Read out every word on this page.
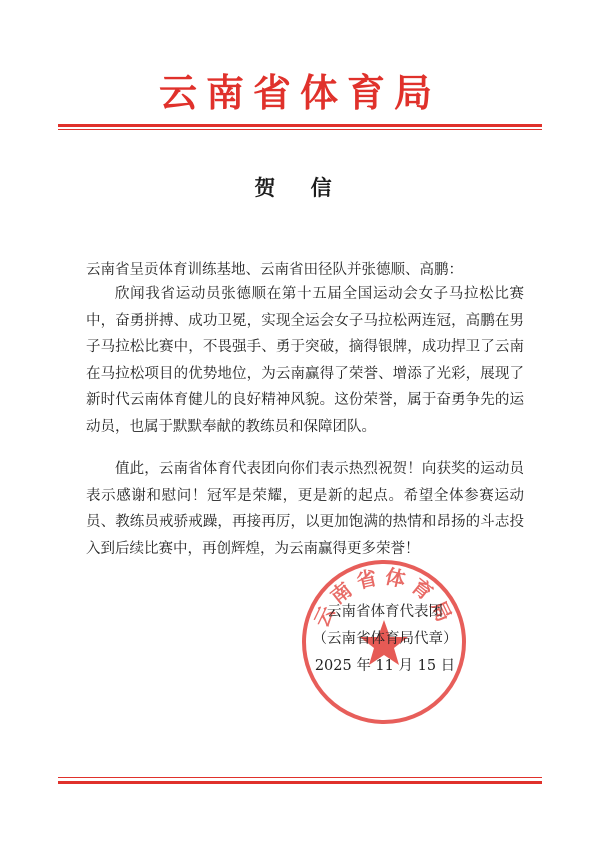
云南省体育局
贺 信
云南省呈贡体育训练基地、云南省田径队并张德顺、高鹏：

欣闻我省运动员张德顺在第十五届全国运动会女子马拉松比赛中，奋勇拼搏、成功卫冕，实现全运会女子马拉松两连冠，高鹏在男子马拉松比赛中，不畏强手、勇于突破，摘得银牌，成功捍卫了云南在马拉松项目的优势地位，为云南赢得了荣誉、增添了光彩，展现了新时代云南体育健儿的良好精神风貌。这份荣誉，属于奋勇争先的运动员，也属于默默奉献的教练员和保障团队。

值此，云南省体育代表团向你们表示热烈祝贺！向获奖的运动员表示感谢和慰问！冠军是荣耀，更是新的起点。希望全体参赛运动员、教练员戒骄戒躁，再接再厉，以更加饱满的热情和昂扬的斗志投入到后续比赛中，再创辉煌，为云南赢得更多荣誉！

云南省体育局
云南省体育代表团
（云南省体育局代章）
2025 年 11 月 15 日
